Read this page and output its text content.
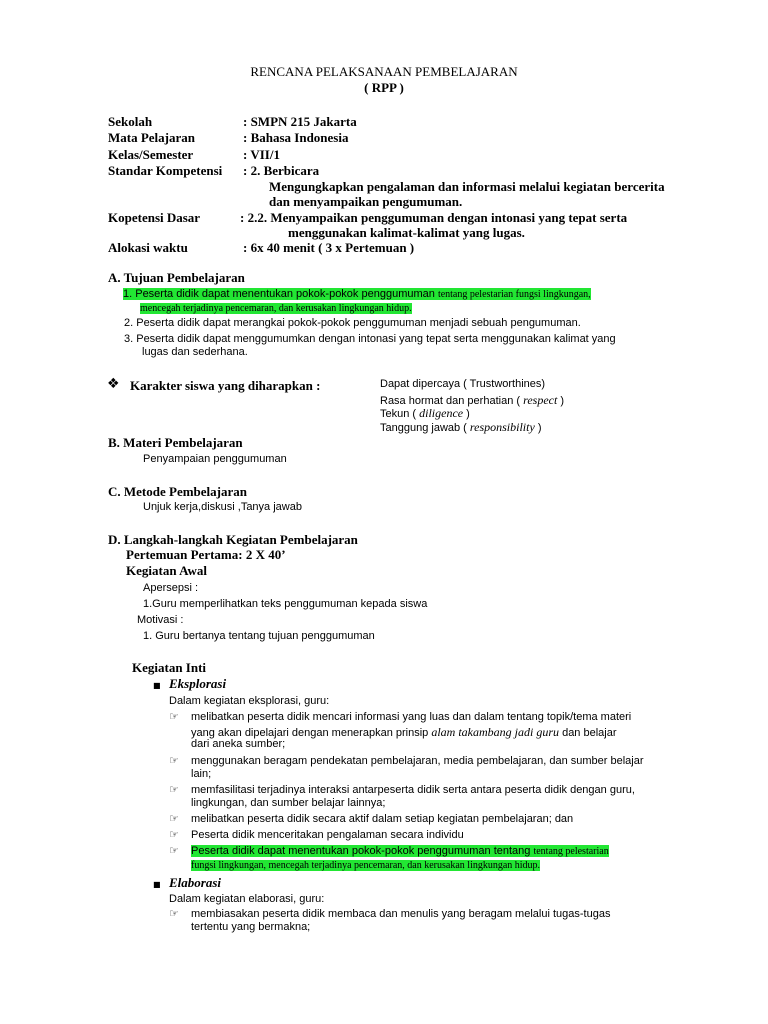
RENCANA PELAKSANAAN PEMBELAJARAN
( RPP )
Sekolah	: SMPN 215 Jakarta
Mata Pelajaran	: Bahasa Indonesia
Kelas/Semester	: VII/1
Standar Kompetensi : 2. Berbicara
Mengungkapkan pengalaman dan informasi melalui kegiatan bercerita
dan menyampaikan pengumuman.
Kopetensi Dasar	: 2.2. Menyampaikan penggumuman dengan intonasi yang tepat serta
menggunakan kalimat-kalimat yang lugas.
Alokasi waktu	: 6x 40 menit ( 3 x Pertemuan )
A. Tujuan Pembelajaran
1. Peserta didik dapat menentukan pokok-pokok penggumuman tentang pelestarian fungsi lingkungan,
mencegah terjadinya pencemaran, dan kerusakan lingkungan hidup.
2. Peserta didik dapat merangkai pokok-pokok penggumuman menjadi sebuah pengumuman.
3. Peserta didik dapat menggumumkan dengan intonasi yang tepat serta menggunakan kalimat yang
lugas dan sederhana.
❖ Karakter siswa yang diharapkan :	Dapat dipercaya ( Trustworthines)
Rasa hormat dan perhatian ( respect )
Tekun ( diligence )
Tanggung jawab ( responsibility )
B. Materi Pembelajaran
Penyampaian penggumuman
C. Metode Pembelajaran
Unjuk kerja,diskusi ,Tanya jawab
D. Langkah-langkah Kegiatan Pembelajaran
Pertemuan Pertama: 2 X 40’
Kegiatan Awal
Apersepsi :
1.Guru memperlihatkan teks penggumuman kepada siswa
Motivasi :
1. Guru bertanya tentang tujuan penggumuman
Kegiatan Inti
■ Eksplorasi
Dalam kegiatan eksplorasi, guru:
☞ melibatkan peserta didik mencari informasi yang luas dan dalam tentang topik/tema materi
yang akan dipelajari dengan menerapkan prinsip alam takambang jadi guru dan belajar
dari aneka sumber;
☞ menggunakan beragam pendekatan pembelajaran, media pembelajaran, dan sumber belajar
lain;
☞ memfasilitasi terjadinya interaksi antarpeserta didik serta antara peserta didik dengan guru,
lingkungan, dan sumber belajar lainnya;
☞ melibatkan peserta didik secara aktif dalam setiap kegiatan pembelajaran; dan
☞ Peserta didik menceritakan pengalaman secara individu
☞ Peserta didik dapat menentukan pokok-pokok penggumuman tentang tentang pelestarian
fungsi lingkungan, mencegah terjadinya pencemaran, dan kerusakan lingkungan hidup.
■ Elaborasi
Dalam kegiatan elaborasi, guru:
☞ membiasakan peserta didik membaca dan menulis yang beragam melalui tugas-tugas
tertentu yang bermakna;
